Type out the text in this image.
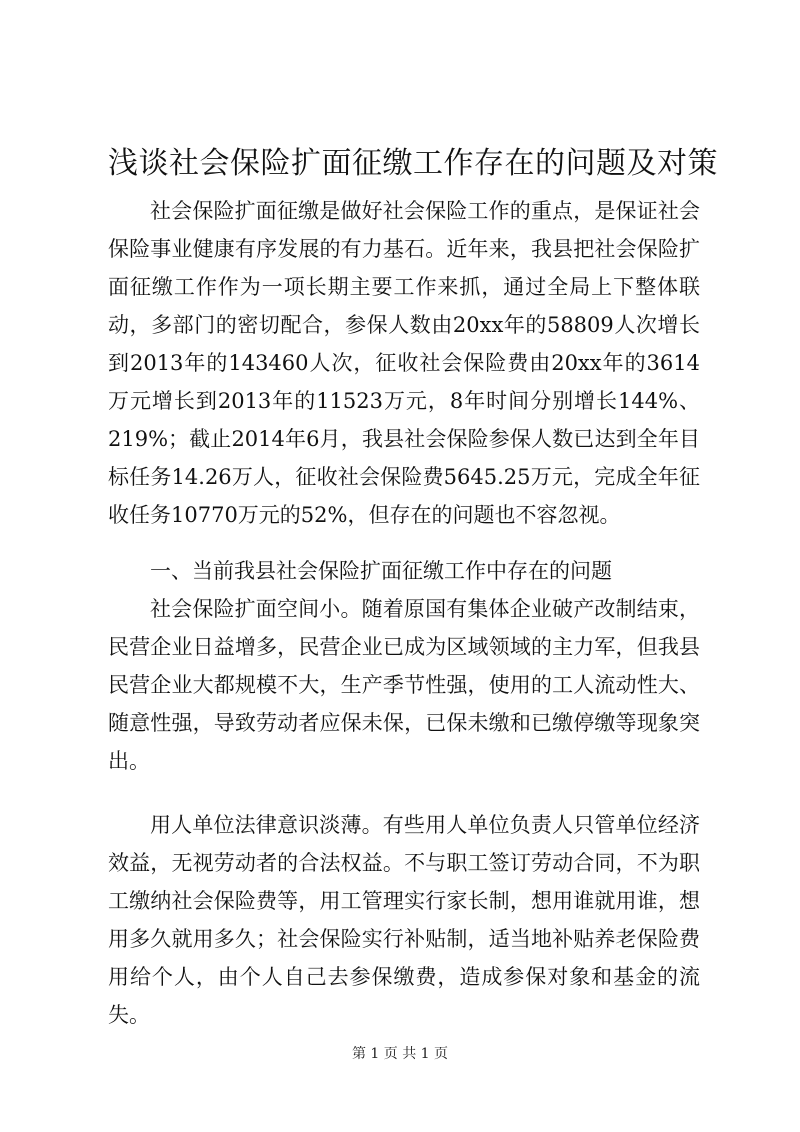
浅谈社会保险扩面征缴工作存在的问题及对策

社会保险扩面征缴是做好社会保险工作的重点，是保证社会保险事业健康有序发展的有力基石。近年来，我县把社会保险扩面征缴工作作为一项长期主要工作来抓，通过全局上下整体联动，多部门的密切配合，参保人数由20xx年的58809人次增长到2013年的143460人次，征收社会保险费由20xx年的3614万元增长到2013年的11523万元，8年时间分别增长144%、219%；截止2014年6月，我县社会保险参保人数已达到全年目标任务14.26万人，征收社会保险费5645.25万元，完成全年征收任务10770万元的52%，但存在的问题也不容忽视。

一、当前我县社会保险扩面征缴工作中存在的问题

社会保险扩面空间小。随着原国有集体企业破产改制结束，民营企业日益增多，民营企业已成为区域领域的主力军，但我县民营企业大都规模不大，生产季节性强，使用的工人流动性大、随意性强，导致劳动者应保未保，已保未缴和已缴停缴等现象突出。

用人单位法律意识淡薄。有些用人单位负责人只管单位经济效益，无视劳动者的合法权益。不与职工签订劳动合同，不为职工缴纳社会保险费等，用工管理实行家长制，想用谁就用谁，想用多久就用多久；社会保险实行补贴制，适当地补贴养老保险费用给个人，由个人自己去参保缴费，造成参保对象和基金的流失。

第 1 页 共 1 页
